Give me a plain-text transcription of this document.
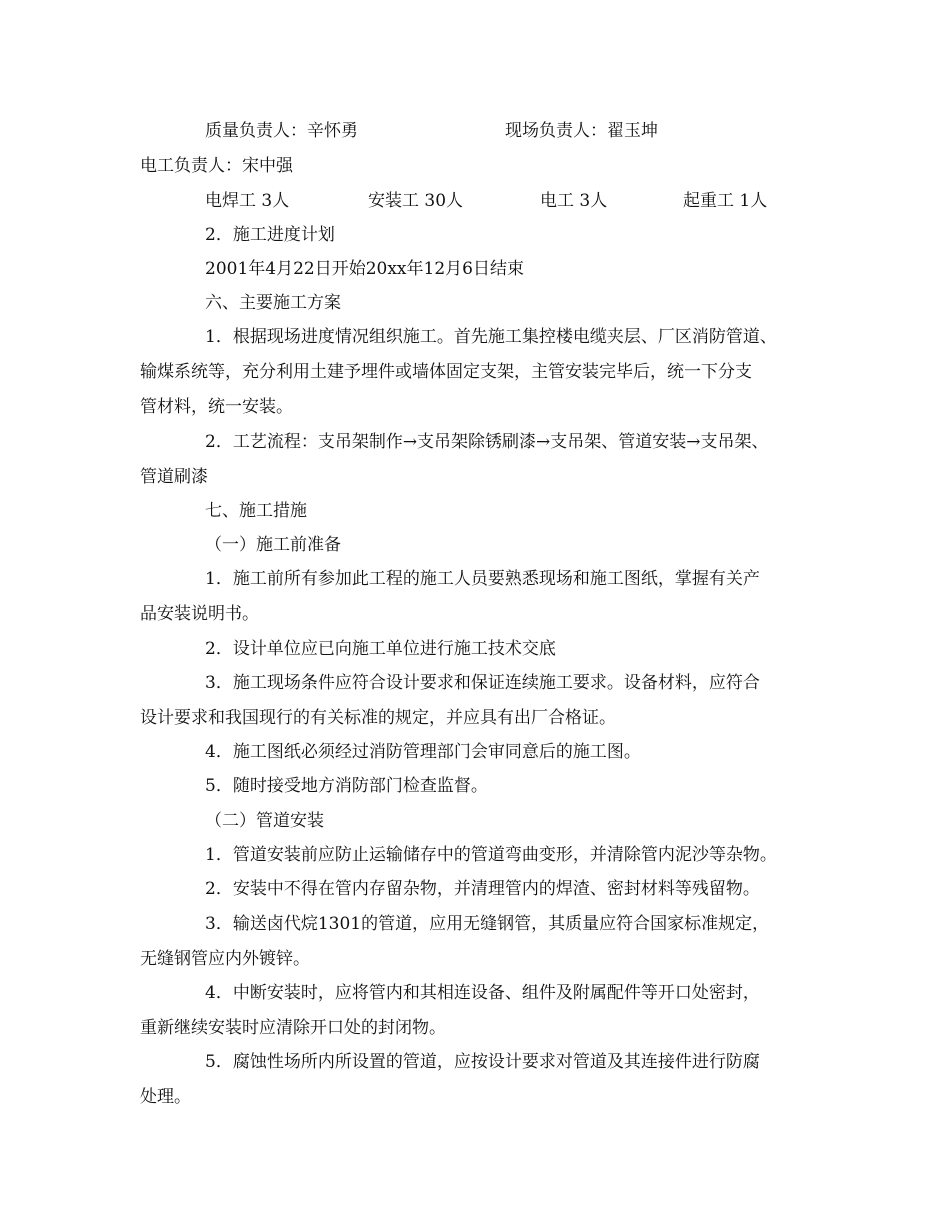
质量负责人：辛怀勇	现场负责人：翟玉坤
电工负责人：宋中强
电焊工 3人	安装工 30人	电工 3人	起重工 1人
2．施工进度计划
2001年4月22日开始20xx年12月6日结束
六、主要施工方案
1．根据现场进度情况组织施工。首先施工集控楼电缆夹层、厂区消防管道、
输煤系统等，充分利用土建予埋件或墙体固定支架，主管安装完毕后，统一下分支
管材料，统一安装。
2．工艺流程：支吊架制作→支吊架除锈刷漆→支吊架、管道安装→支吊架、
管道刷漆
七、施工措施
（一）施工前准备
1．施工前所有参加此工程的施工人员要熟悉现场和施工图纸，掌握有关产
品安装说明书。
2．设计单位应已向施工单位进行施工技术交底
3．施工现场条件应符合设计要求和保证连续施工要求。设备材料，应符合
设计要求和我国现行的有关标准的规定，并应具有出厂合格证。
4．施工图纸必须经过消防管理部门会审同意后的施工图。
5．随时接受地方消防部门检查监督。
（二）管道安装
1．管道安装前应防止运输储存中的管道弯曲变形，并清除管内泥沙等杂物。
2．安装中不得在管内存留杂物，并清理管内的焊渣、密封材料等残留物。
3．输送卤代烷1301的管道，应用无缝钢管，其质量应符合国家标准规定，
无缝钢管应内外镀锌。
4．中断安装时，应将管内和其相连设备、组件及附属配件等开口处密封，
重新继续安装时应清除开口处的封闭物。
5．腐蚀性场所内所设置的管道，应按设计要求对管道及其连接件进行防腐
处理。
